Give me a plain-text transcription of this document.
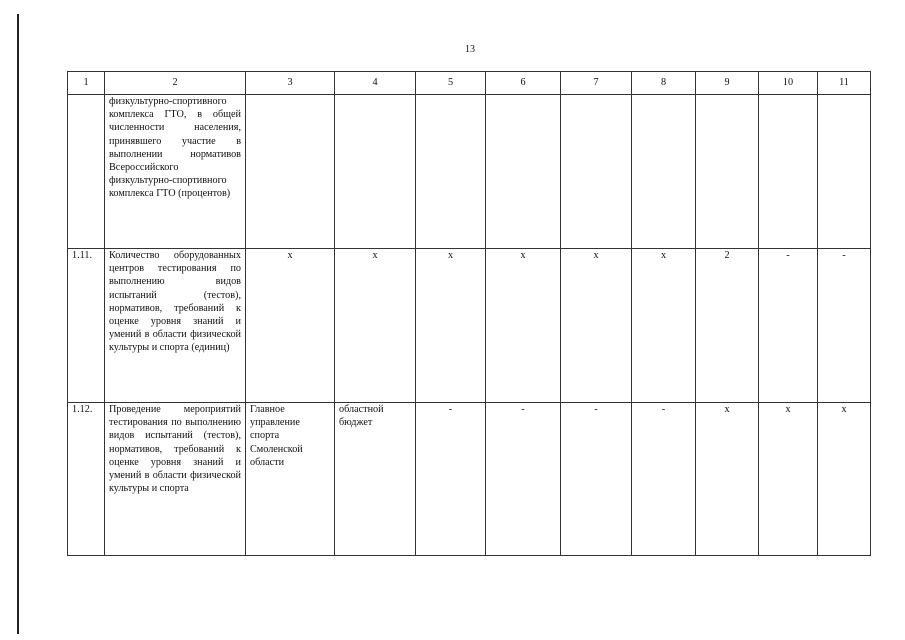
13
1	2	3	4	5	6	7	8	9	10	11
	физкультурно-спортивного комплекса ГТО, в общей численности населения, принявшего участие в выполнении нормативов Всероссийского физкультурно-спортивного комплекса ГТО (процентов)									
1.11.	Количество оборудованных центров тестирования по выполнению видов испытаний (тестов), нормативов, требований к оценке уровня знаний и умений в области физической культуры и спорта (единиц)	x	x	x	x	x	x	2	-	-
1.12.	Проведение мероприятий тестирования по выполнению видов испытаний (тестов), нормативов, требований к оценке уровня знаний и умений в области физической культуры и спорта	Главное управление спорта Смоленской области	областной бюджет	-	-	-	-	x	x	x
